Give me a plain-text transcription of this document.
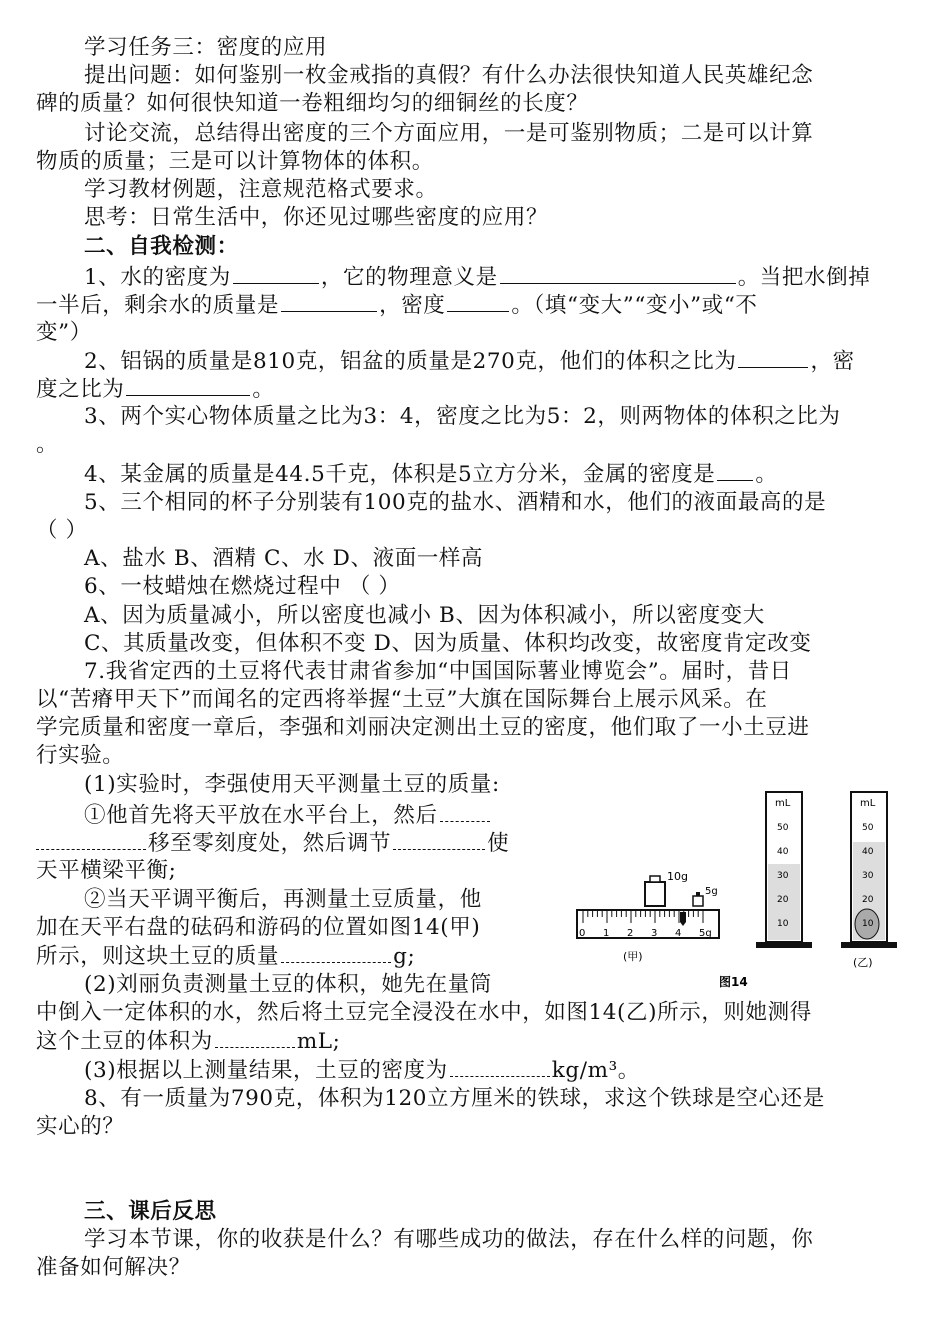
学习任务三：密度的应用
提出问题：如何鉴别一枚金戒指的真假？有什么办法很快知道人民英雄纪念
碑的质量？如何很快知道一卷粗细均匀的细铜丝的长度？
讨论交流，总结得出密度的三个方面应用，一是可鉴别物质；二是可以计算
物质的质量；三是可以计算物体的体积。
学习教材例题，注意规范格式要求。
思考：日常生活中，你还见过哪些密度的应用？
二、自我检测：
1、水的密度为	，它的物理意义是	。当把水倒掉
一半后，剩余水的质量是	，密度	。（填“变大”“变小”或“不
变”）
2、铝锅的质量是810克，铝盆的质量是270克，他们的体积之比为	，密
度之比为	。
3、两个实心物体质量之比为3：4，密度之比为5：2，则两物体的体积之比为
。
4、某金属的质量是44.5千克，体积是5立方分米，金属的密度是 。
5、三个相同的杯子分别装有100克的盐水、酒精和水，他们的液面最高的是
（ ）
A、盐水 B、酒精 C、水 D、液面一样高
6、一枝蜡烛在燃烧过程中 （ ）
A、因为质量减小，所以密度也减小 B、因为体积减小，所以密度变大
C、其质量改变，但体积不变 D、因为质量、体积均改变，故密度肯定改变
7.我省定西的土豆将代表甘肃省参加“中国国际薯业博览会”。届时，昔日
以“苦瘠甲天下”而闻名的定西将举握“土豆”大旗在国际舞台上展示风采。在
学完质量和密度一章后，李强和刘丽决定测出土豆的密度，他们取了一小土豆进
行实验。
(1)实验时，李强使用天平测量土豆的质量:
①他首先将天平放在水平台上，然后
移至零刻度处，然后调节	使
天平横梁平衡;
②当天平调平衡后，再测量土豆质量，他
加在天平右盘的砝码和游码的位置如图14(甲)
所示，则这块土豆的质量	g;
(2)刘丽负责测量土豆的体积，她先在量筒
中倒入一定体积的水，然后将土豆完全浸没在水中，如图14(乙)所示，则她测得
这个土豆的体积为	mL;
(3)根据以上测量结果，土豆的密度为	kg/m³。
8、有一质量为790克，体积为120立方厘米的铁球，求这个铁球是空心还是
实心的？
三、课后反思
学习本节课，你的收获是什么？有哪些成功的做法，存在什么样的问题，你
准备如何解决？
10g
5g
0 1 2 3 4 5g
(甲)
mL
50
40
30
20
10
mL
50
40
30
20
10
(乙)
图14
